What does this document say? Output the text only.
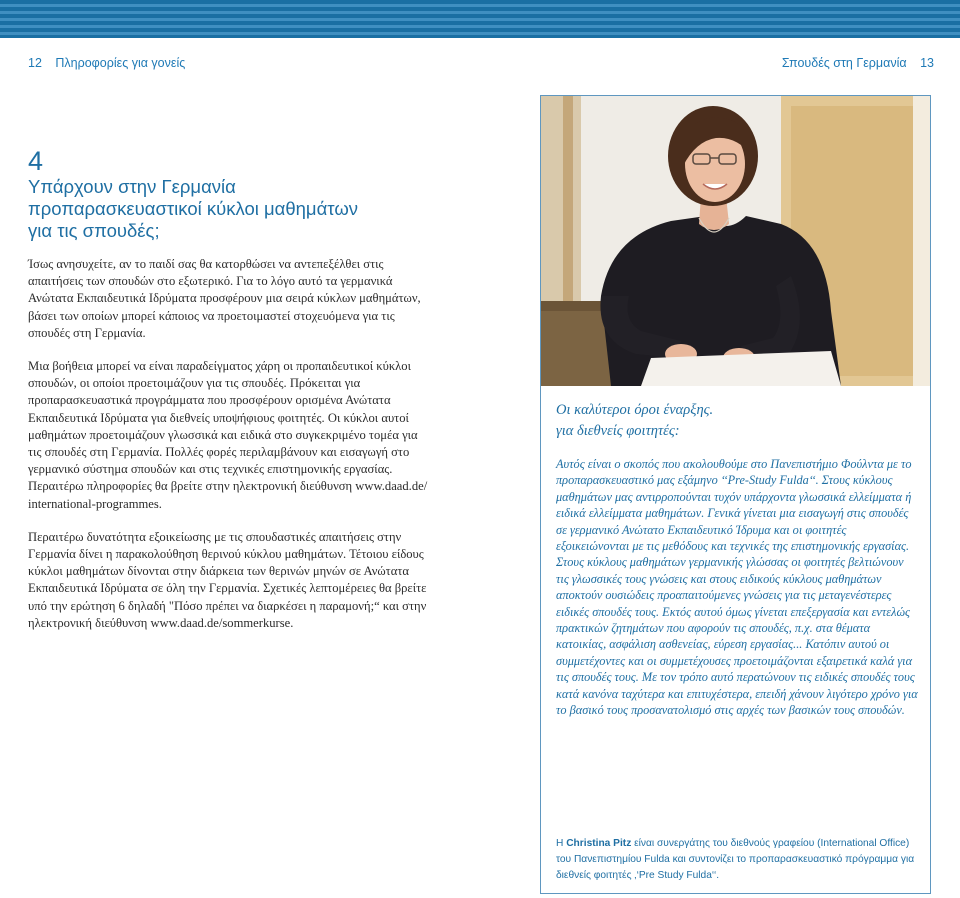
12 Πληροφορίες για γονείς	Σπουδές στη Γερμανία 13
4
Υπάρχουν στην Γερμανία
προπαρασκευαστικοί κύκλοι μαθημάτων
για τις σπουδές;

Ίσως ανησυχείτε, αν το παιδί σας θα κατορθώσει να αντεπεξέλθει στις απαιτήσεις των σπουδών στο εξωτερικό. Για το λόγο αυτό τα γερμανικά Ανώτατα Εκπαιδευτικά Ιδρύματα προσφέρουν μια σειρά κύκλων μαθημάτων, βάσει των οποίων μπορεί κάποιος να προετοιμαστεί στοχευόμενα για τις σπουδές στη Γερμανία.

Μια βοήθεια μπορεί να είναι παραδείγματος χάρη οι προπαιδευτικοί κύκλοι σπουδών, οι οποίοι προετοιμάζουν για τις σπουδές. Πρόκειται για προπαρασκευαστικά προγράμματα που προσφέρουν ορισμένα Ανώτατα Εκπαιδευτικά Ιδρύματα για διεθνείς υποψήφιους φοιτητές. Οι κύκλοι αυτοί μαθημάτων προετοιμάζουν γλωσσικά και ειδικά στο συγκεκριμένο τομέα για τις σπουδές στη Γερμανία. Πολλές φορές περιλαμβάνουν και εισαγωγή στο γερμανικό σύστημα σπουδών και στις τεχνικές επιστημονικής εργασίας. Περαιτέρω πληροφορίες θα βρείτε στην ηλεκτρονική διεύθυνση www.daad.de/ international-programmes.

Περαιτέρω δυνατότητα εξοικείωσης με τις σπουδαστικές απαιτήσεις στην Γερμανία δίνει η παρακολούθηση θερινού κύκλου μαθημάτων. Τέτοιου είδους κύκλοι μαθημάτων δίνονται στην διάρκεια των θερινών μηνών σε Ανώτατα Εκπαιδευτικά Ιδρύματα σε όλη την Γερμανία. Σχετικές λεπτομέρειες θα βρείτε υπό την ερώτηση 6 δηλαδή "Πόσο πρέπει να διαρκέσει η παραμονή;“ και στην ηλεκτρονική διεύθυνση www.daad.de/sommerkurse.

Οι καλύτεροι όροι έναρξης.
για διεθνείς φοιτητές:

Αυτός είναι ο σκοπός που ακολουθούμε στο Πανεπιστήμιο Φούλντα με το προπαρασκευαστικό μας εξάμηνο ‘‘Pre-Study Fulda‘‘. Στους κύκλους μαθημάτων μας αντιρροπούνται τυχόν υπάρχοντα γλωσσικά ελλείμματα ή ειδικά ελλείμματα μαθημάτων. Γενικά γίνεται μια εισαγωγή στις σπουδές σε γερμανικό Ανώτατο Εκπαιδευτικό Ίδρυμα και οι φοιτητές εξοικειώνονται με τις μεθόδους και τεχνικές της επιστημονικής εργασίας. Στους κύκλους μαθημάτων γερμανικής γλώσσας οι φοιτητές βελτιώνουν τις γλωσσικές τους γνώσεις και στους ειδικούς κύκλους μαθημάτων αποκτούν ουσιώδεις προαπαιτούμενες γνώσεις για τις μεταγενέστερες ειδικές σπουδές τους. Εκτός αυτού όμως γίνεται επεξεργασία και εντελώς πρακτικών ζητημάτων που αφορούν τις σπουδές, π.χ. στα θέματα κατοικίας, ασφάλιση ασθενείας, εύρεση εργασίας... Κατόπιν αυτού οι συμμετέχοντες και οι συμμετέχουσες προετοιμάζονται εξαιρετικά καλά για τις σπουδές τους. Με τον τρόπο αυτό περατώνουν τις ειδικές σπουδές τους κατά κανόνα ταχύτερα και επιτυχέστερα, επειδή χάνουν λιγότερο χρόνο για το βασικό τους προσανατολισμό στις αρχές των βασικών τους σπουδών.

Η Christina Pitz είναι συνεργάτης του διεθνούς γραφείου (International Office) του Πανεπιστημίου Fulda και συντονίζει το προπαρασκευαστικό πρόγραμμα για διεθνείς φοιτητές ‚‘Pre Study Fulda‘‘.
